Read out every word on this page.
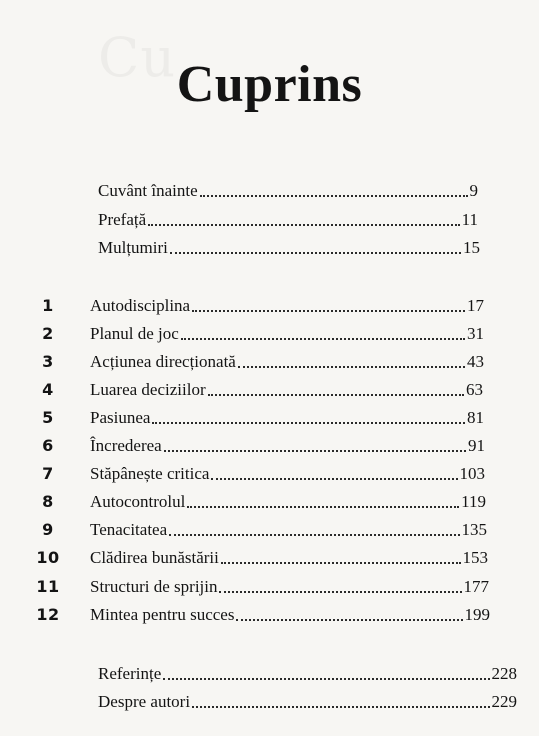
Cu Cuprins
Cuvânt înainte	9
Prefață	11
Mulțumiri	15
1	Autodisciplina	17
2	Planul de joc	31
3	Acțiunea direcționată	43
4	Luarea deciziilor	63
5	Pasiunea	81
6	Încrederea	91
7	Stăpânește critica	103
8	Autocontrolul	119
9	Tenacitatea	135
10	Clădirea bunăstării	153
11	Structuri de sprijin	177
12	Mintea pentru succes	199
Referințe	228
Despre autori	229
